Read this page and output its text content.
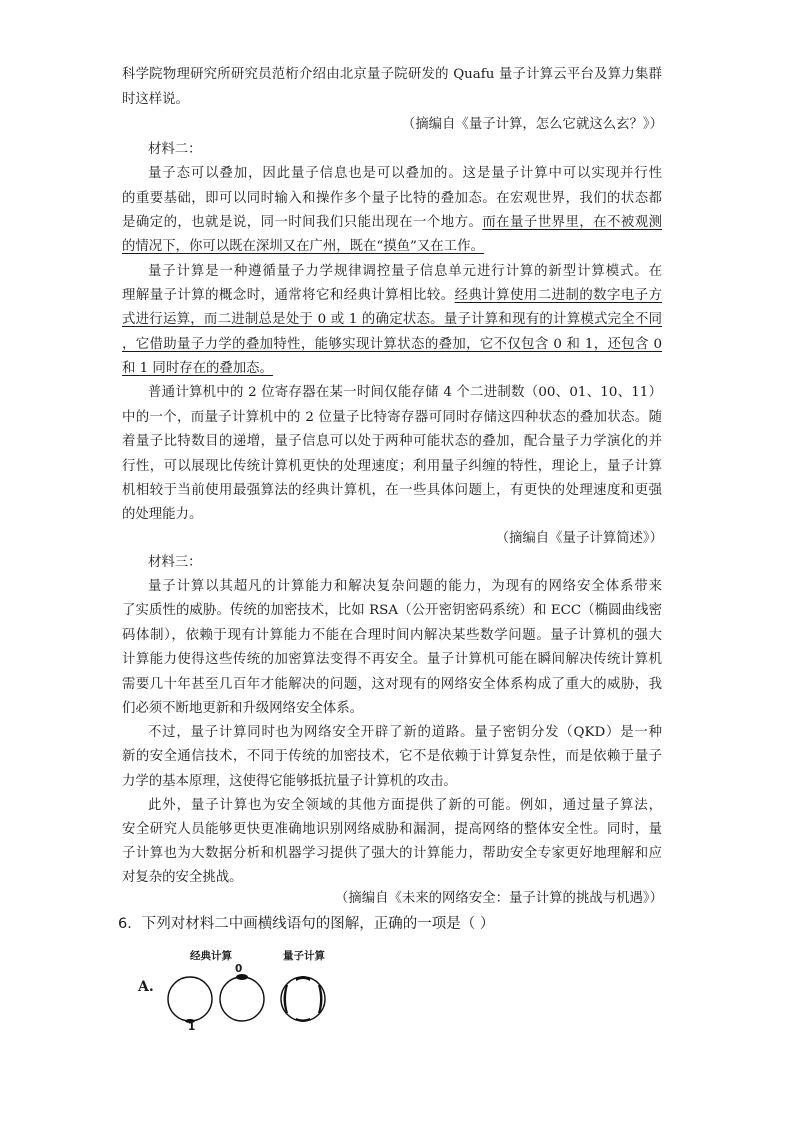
科学院物理研究所研究员范桁介绍由北京量子院研发的 Quafu 量子计算云平台及算力集群
时这样说。
（摘编自《量子计算，怎么它就这么玄？》）
材料二：
量子态可以叠加，因此量子信息也是可以叠加的。这是量子计算中可以实现并行性
的重要基础，即可以同时输入和操作多个量子比特的叠加态。在宏观世界，我们的状态都
是确定的，也就是说，同一时间我们只能出现在一个地方。而在量子世界里，在不被观测
的情况下，你可以既在深圳又在广州，既在“摸鱼”又在工作。
量子计算是一种遵循量子力学规律调控量子信息单元进行计算的新型计算模式。在
理解量子计算的概念时，通常将它和经典计算相比较。经典计算使用二进制的数字电子方
式进行运算，而二进制总是处于 0 或 1 的确定状态。量子计算和现有的计算模式完全不同
，它借助量子力学的叠加特性，能够实现计算状态的叠加，它不仅包含 0 和 1，还包含 0
和 1 同时存在的叠加态。
普通计算机中的 2 位寄存器在某一时间仅能存储 4 个二进制数（00、01、10、11）
中的一个，而量子计算机中的 2 位量子比特寄存器可同时存储这四种状态的叠加状态。随
着量子比特数目的递增，量子信息可以处于两种可能状态的叠加，配合量子力学演化的并
行性，可以展现比传统计算机更快的处理速度；利用量子纠缠的特性，理论上，量子计算
机相较于当前使用最强算法的经典计算机，在一些具体问题上，有更快的处理速度和更强
的处理能力。
（摘编自《量子计算简述》）
材料三：
量子计算以其超凡的计算能力和解决复杂问题的能力，为现有的网络安全体系带来
了实质性的威胁。传统的加密技术，比如 RSA（公开密钥密码系统）和 ECC（椭圆曲线密
码体制），依赖于现有计算能力不能在合理时间内解决某些数学问题。量子计算机的强大
计算能力使得这些传统的加密算法变得不再安全。量子计算机可能在瞬间解决传统计算机
需要几十年甚至几百年才能解决的问题，这对现有的网络安全体系构成了重大的威胁，我
们必须不断地更新和升级网络安全体系。
不过，量子计算同时也为网络安全开辟了新的道路。量子密钥分发（QKD）是一种
新的安全通信技术，不同于传统的加密技术，它不是依赖于计算复杂性，而是依赖于量子
力学的基本原理，这使得它能够抵抗量子计算机的攻击。
此外，量子计算也为安全领域的其他方面提供了新的可能。例如，通过量子算法，
安全研究人员能够更快更准确地识别网络威胁和漏洞，提高网络的整体安全性。同时，量
子计算也为大数据分析和机器学习提供了强大的计算能力，帮助安全专家更好地理解和应
对复杂的安全挑战。
（摘编自《未来的网络安全：量子计算的挑战与机遇》）
6．下列对材料二中画横线语句的图解，正确的一项是（ ）
A.
经典计算	量子计算
0
1
